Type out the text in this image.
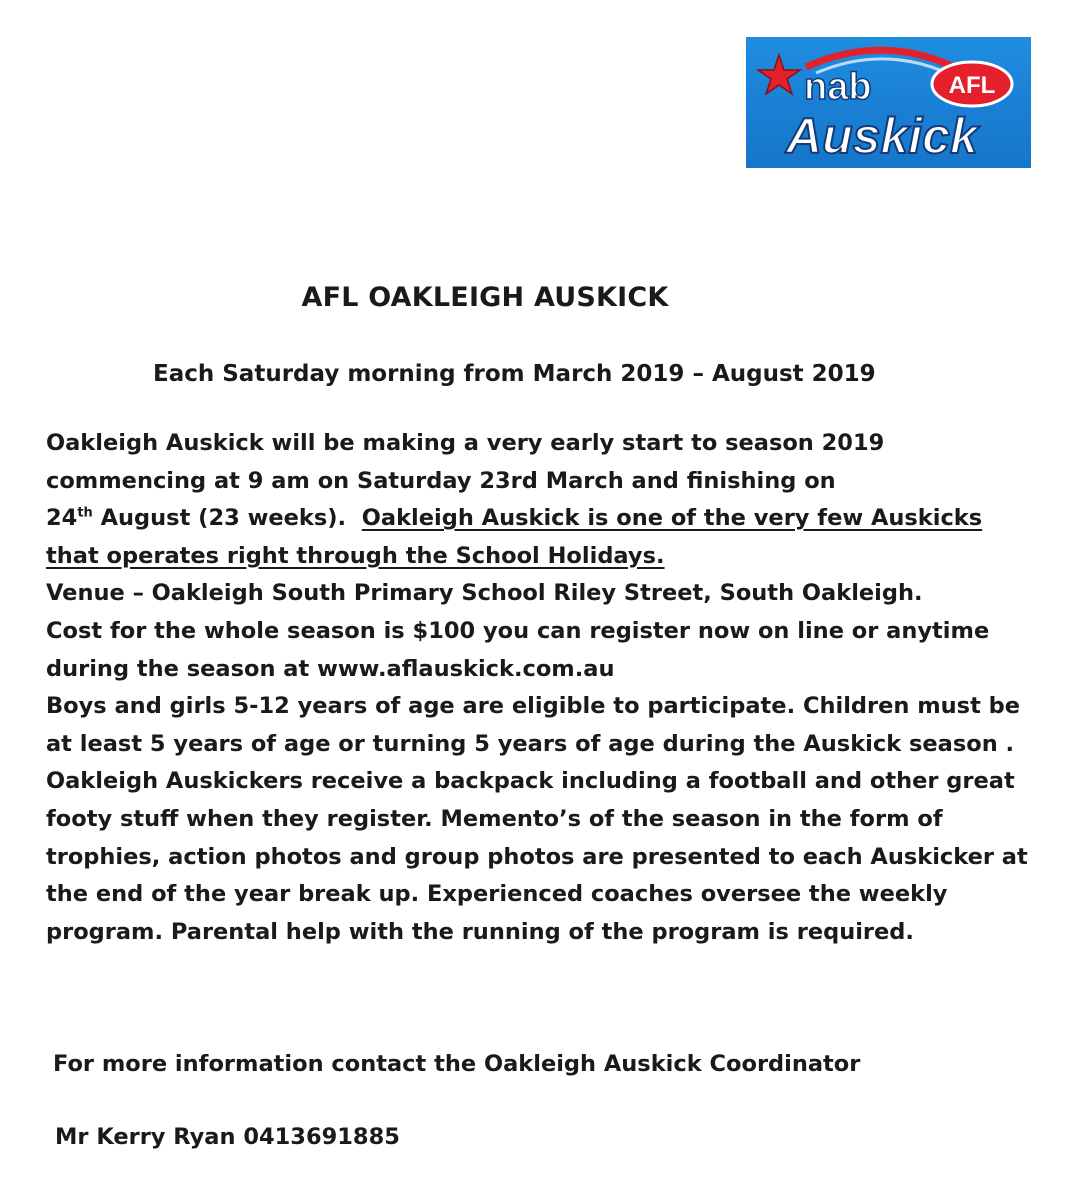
nab	AFL
Auskick
AFL OAKLEIGH AUSKICK

Each Saturday morning from March 2019 – August 2019

Oakleigh Auskick will be making a very early start to season 2019
commencing at 9 am on Saturday 23rd March and finishing on
24th August (23 weeks).  Oakleigh Auskick is one of the very few Auskicks
that operates right through the School Holidays.
Venue – Oakleigh South Primary School Riley Street, South Oakleigh.
Cost for the whole season is $100 you can register now on line or anytime
during the season at www.aflauskick.com.au
Boys and girls 5-12 years of age are eligible to participate. Children must be
at least 5 years of age or turning 5 years of age during the Auskick season .
Oakleigh Auskickers receive a backpack including a football and other great
footy stuff when they register. Memento’s of the season in the form of
trophies, action photos and group photos are presented to each Auskicker at
the end of the year break up. Experienced coaches oversee the weekly
program. Parental help with the running of the program is required.

For more information contact the Oakleigh Auskick Coordinator

Mr Kerry Ryan 0413691885
